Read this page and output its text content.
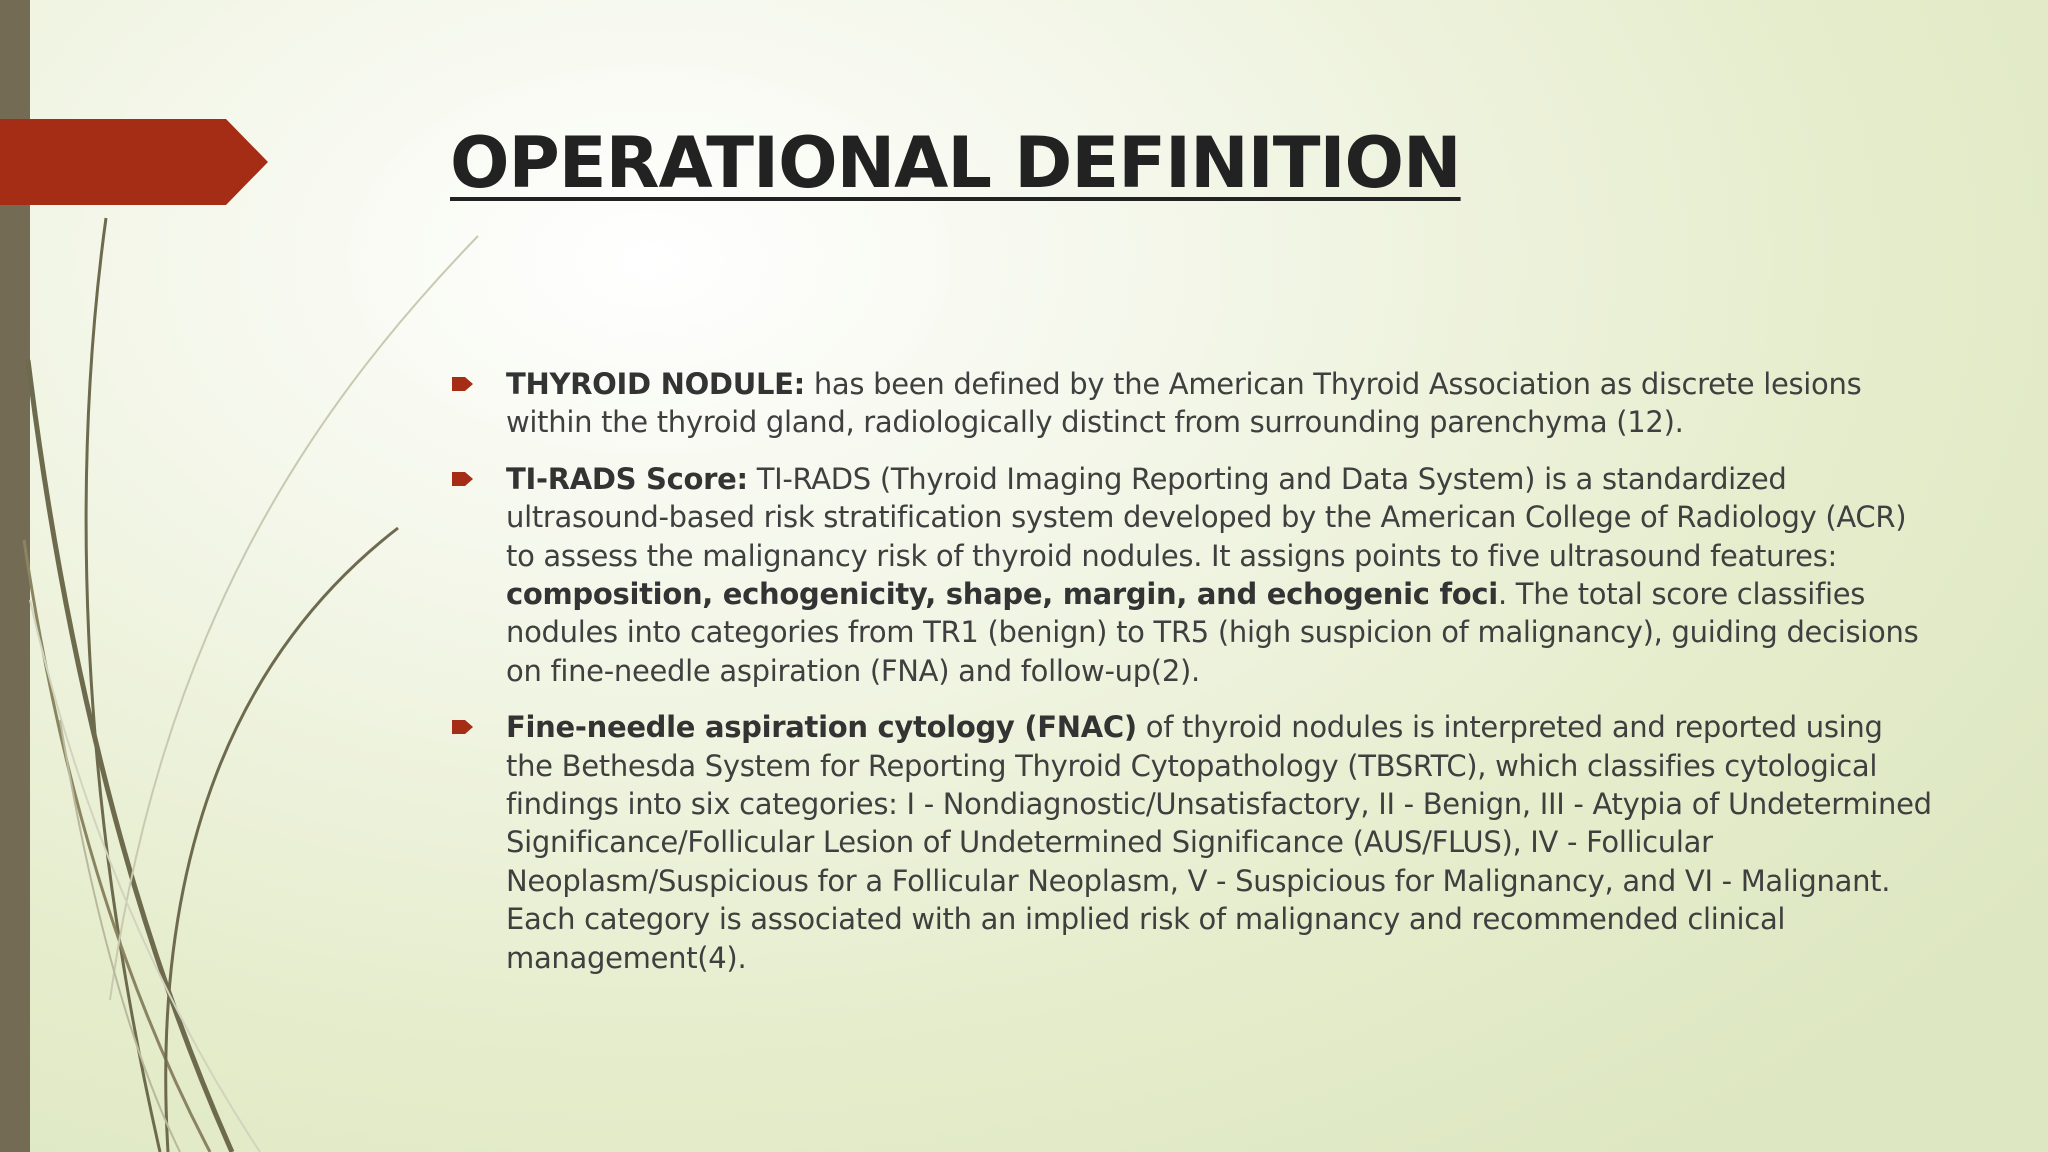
OPERATIONAL DEFINITION
THYROID NODULE: has been defined by the American Thyroid Association as discrete lesions within the thyroid gland, radiologically distinct from surrounding parenchyma (12).
TI-RADS Score: TI-RADS (Thyroid Imaging Reporting and Data System) is a standardized ultrasound-based risk stratification system developed by the American College of Radiology (ACR) to assess the malignancy risk of thyroid nodules. It assigns points to five ultrasound features: composition, echogenicity, shape, margin, and echogenic foci. The total score classifies nodules into categories from TR1 (benign) to TR5 (high suspicion of malignancy), guiding decisions on fine-needle aspiration (FNA) and follow-up(2).
Fine-needle aspiration cytology (FNAC) of thyroid nodules is interpreted and reported using the Bethesda System for Reporting Thyroid Cytopathology (TBSRTC), which classifies cytological findings into six categories: I - Nondiagnostic/Unsatisfactory, II - Benign, III - Atypia of Undetermined Significance/Follicular Lesion of Undetermined Significance (AUS/FLUS), IV - Follicular Neoplasm/Suspicious for a Follicular Neoplasm, V - Suspicious for Malignancy, and VI - Malignant. Each category is associated with an implied risk of malignancy and recommended clinical management(4).
